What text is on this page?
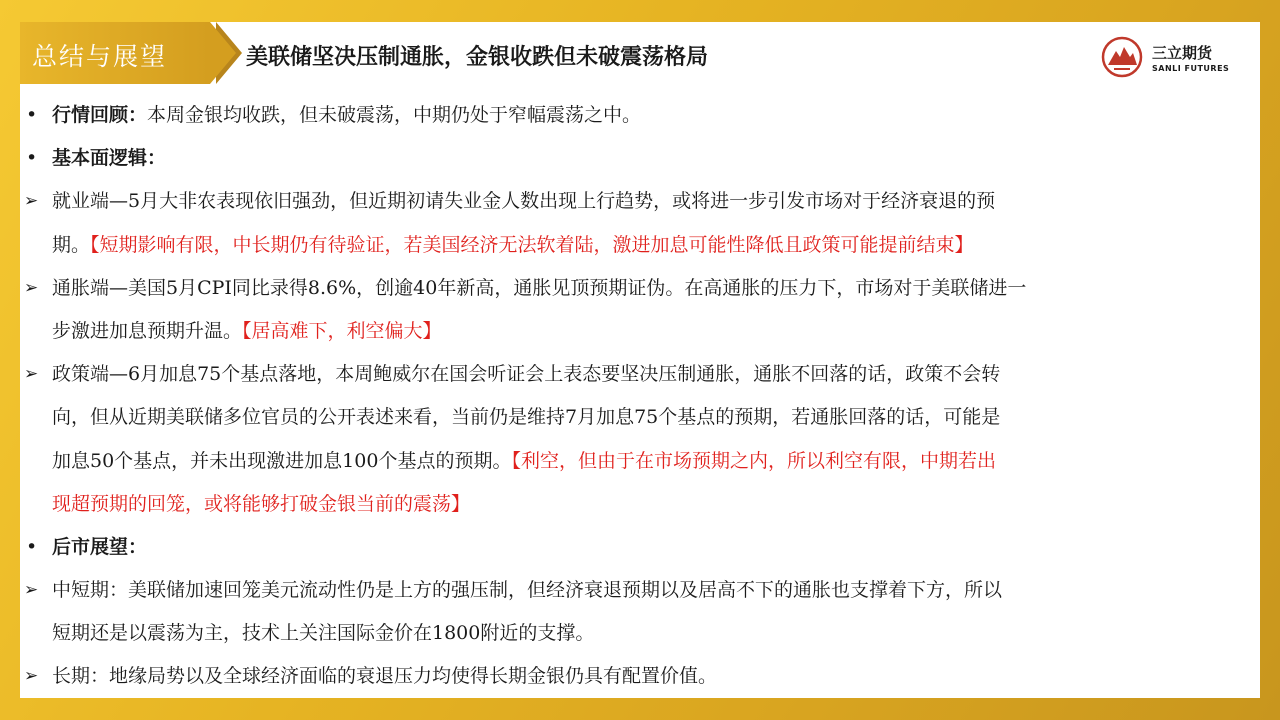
总结与展望	美联储坚决压制通胀，金银收跌但未破震荡格局	三立期货
SANLI FUTURES
• 行情回顾：本周金银均收跌，但未破震荡，中期仍处于窄幅震荡之中。
• 基本面逻辑：
➢ 就业端—5月大非农表现依旧强劲，但近期初请失业金人数出现上行趋势，或将进一步引发市场对于经济衰退的预
期。【短期影响有限，中长期仍有待验证，若美国经济无法软着陆，激进加息可能性降低且政策可能提前结束】
➢ 通胀端—美国5月CPI同比录得8.6%，创逾40年新高，通胀见顶预期证伪。在高通胀的压力下，市场对于美联储进一
步激进加息预期升温。【居高难下，利空偏大】
➢ 政策端—6月加息75个基点落地，本周鲍威尔在国会听证会上表态要坚决压制通胀，通胀不回落的话，政策不会转
向，但从近期美联储多位官员的公开表述来看，当前仍是维持7月加息75个基点的预期，若通胀回落的话，可能是
加息50个基点，并未出现激进加息100个基点的预期。【利空，但由于在市场预期之内，所以利空有限，中期若出
现超预期的回笼，或将能够打破金银当前的震荡】
• 后市展望：
➢ 中短期：美联储加速回笼美元流动性仍是上方的强压制，但经济衰退预期以及居高不下的通胀也支撑着下方，所以
短期还是以震荡为主，技术上关注国际金价在1800附近的支撑。
➢ 长期：地缘局势以及全球经济面临的衰退压力均使得长期金银仍具有配置价值。
